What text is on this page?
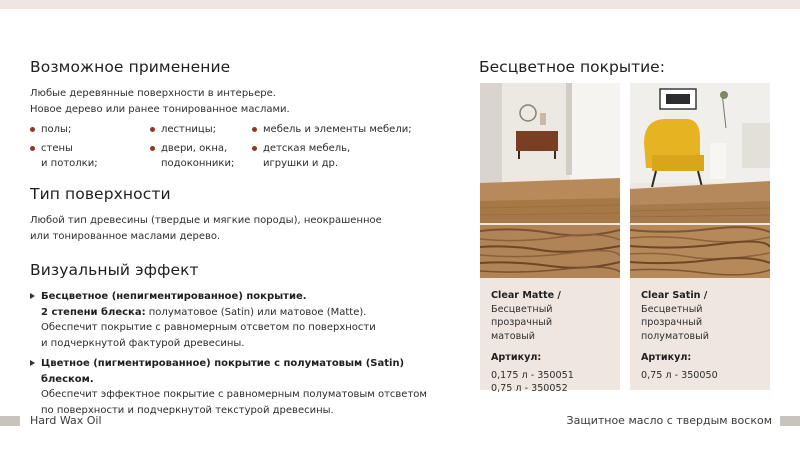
Возможное применение
Любые деревянные поверхности в интерьере.
Новое дерево или ранее тонированное маслами.
полы;
стены
и потолки;
лестницы;
двери, окна,
подоконники;
мебель и элементы мебели;
детская мебель,
игрушки и др.
Тип поверхности
Любой тип древесины (твердые и мягкие породы), неокрашенное
или тонированное маслами дерево.
Визуальный эффект
Бесцветное (непигментированное) покрытие.
2 степени блеска: полуматовое (Satin) или матовое (Matte).
Обеспечит покрытие с равномерным отсветом по поверхности
и подчеркнутой фактурой древесины.
Цветное (пигментированное) покрытие с полуматовым (Satin) блеском.
Обеспечит эффектное покрытие с равномерным полуматовым отсветом
по поверхности и подчеркнутой текстурой древесины.
Бесцветное покрытие:
Clear Matte /
Бесцветный прозрачный
матовый
Артикул:
0,175 л - 350051
0,75 л - 350052
Clear Satin /
Бесцветный прозрачный
полуматовый
Артикул:
0,75 л - 350050
Hard Wax Oil	Защитное масло с твердым воском
